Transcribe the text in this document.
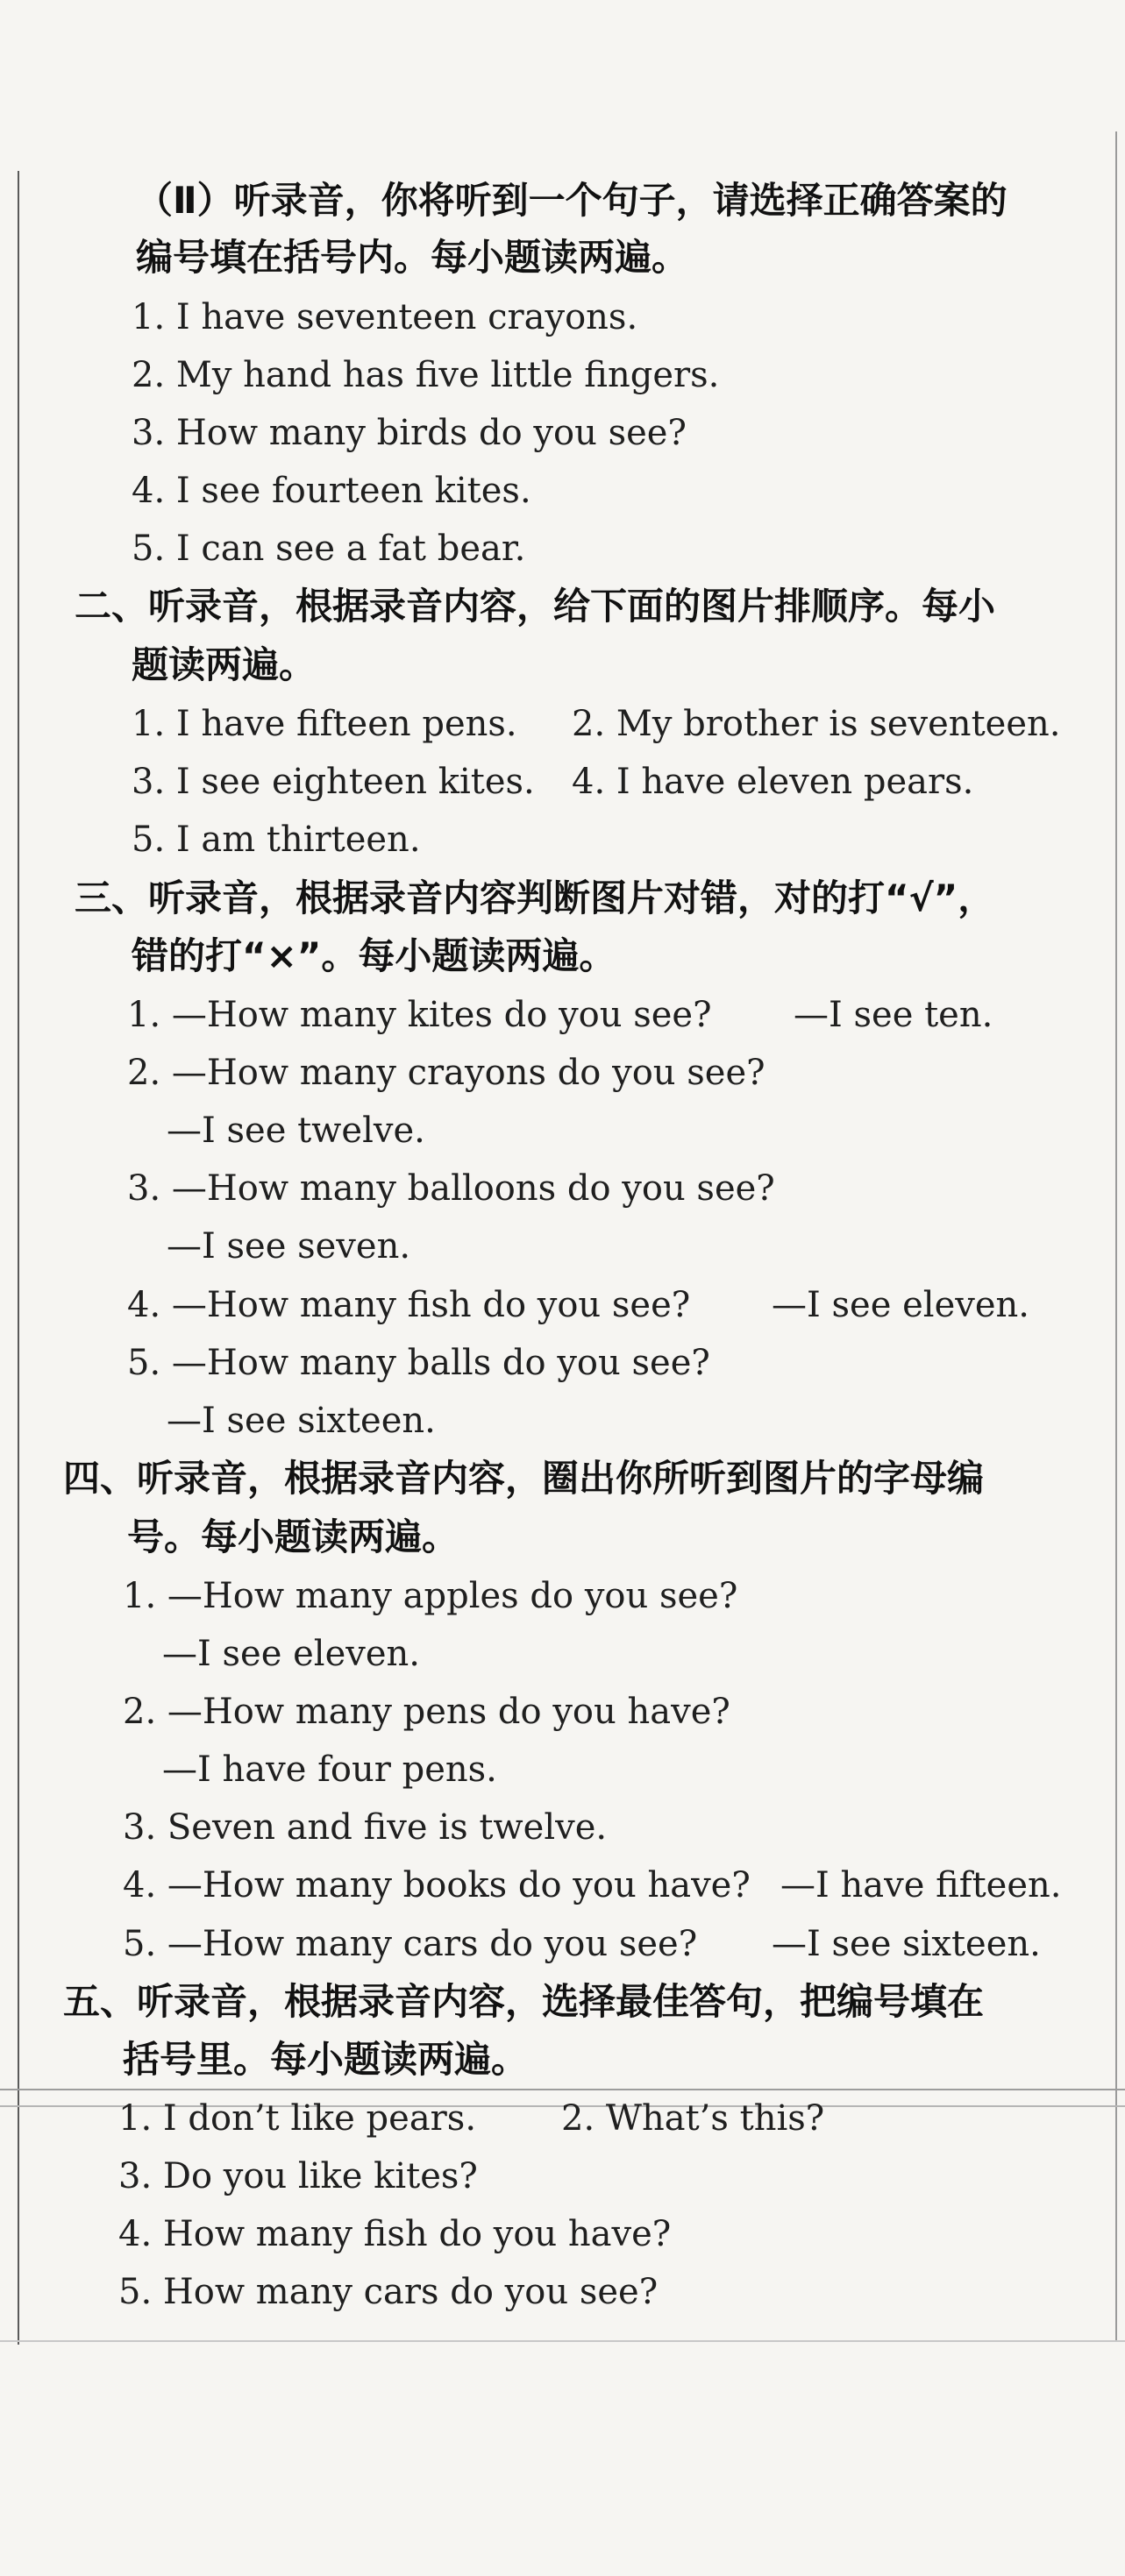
（Ⅱ）听录音，你将听到一个句子，请选择正确答案的
编号填在括号内。每小题读两遍。
1. I have seventeen crayons.
2. My hand has five little fingers.
3. How many birds do you see?
4. I see fourteen kites.
5. I can see a fat bear.
二、听录音，根据录音内容，给下面的图片排顺序。每小
题读两遍。
1. I have fifteen pens. 2. My brother is seventeen.
3. I see eighteen kites. 4. I have eleven pears.
5. I am thirteen.
三、听录音，根据录音内容判断图片对错，对的打“√”，
错的打“×”。每小题读两遍。
1. —How many kites do you see? —I see ten.
2. —How many crayons do you see?
—I see twelve.
3. —How many balloons do you see?
—I see seven.
4. —How many fish do you see? —I see eleven.
5. —How many balls do you see?
—I see sixteen.
四、听录音，根据录音内容，圈出你所听到图片的字母编
号。每小题读两遍。
1. —How many apples do you see?
—I see eleven.
2. —How many pens do you have?
—I have four pens.
3. Seven and five is twelve.
4. —How many books do you have? —I have fifteen.
5. —How many cars do you see? —I see sixteen.
五、听录音，根据录音内容，选择最佳答句，把编号填在
括号里。每小题读两遍。
1. I don’t like pears. 2. What’s this?
3. Do you like kites?
4. How many fish do you have?
5. How many cars do you see?
